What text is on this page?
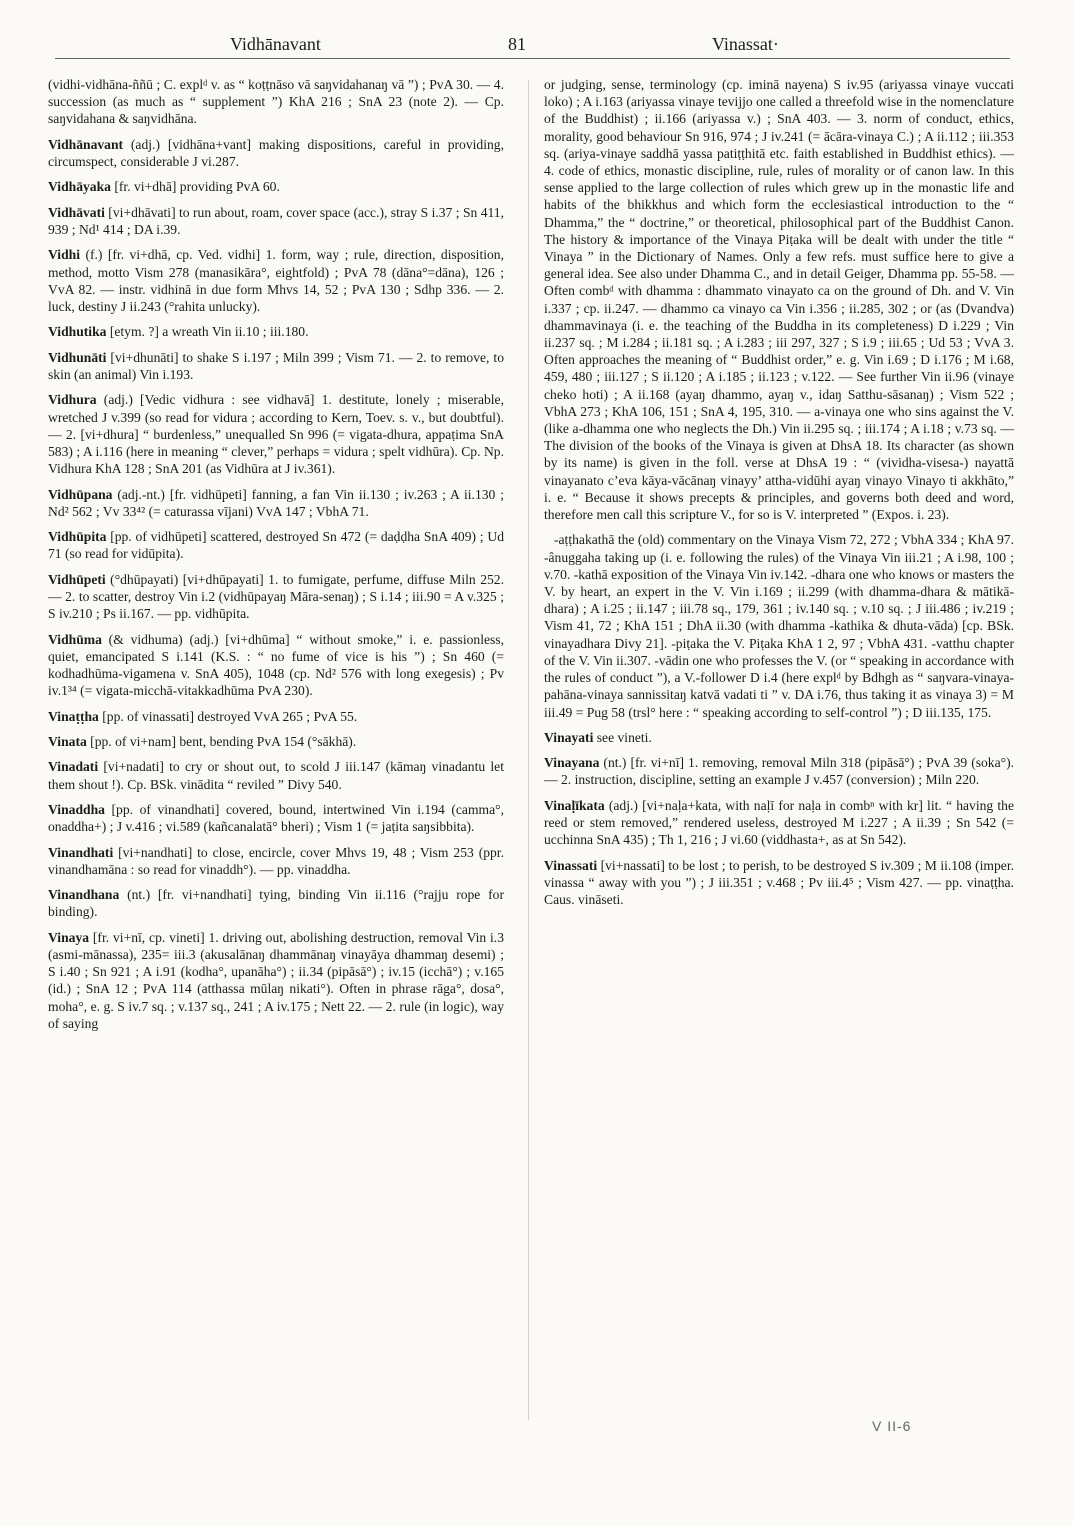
Vidhānavant	81	Vinassat·

(vidhi-vidhāna-ññū ; C. explᵈ v. as “ koṭṭnāso vā saŋvidahanaŋ vā ”) ; PvA 30. — 4. succession (as much as “ supplement ”) KhA 216 ; SnA 23 (note 2). — Cp. saŋvidahana & saŋvidhāna.

Vidhānavant (adj.) [vidhāna+vant] making dispositions, careful in providing, circumspect, considerable J vi.287.

Vidhāyaka [fr. vi+dhā] providing PvA 60.

Vidhāvati [vi+dhāvati] to run about, roam, cover space (acc.), stray S i.37 ; Sn 411, 939 ; Nd¹ 414 ; DA i.39.

Vidhi (f.) [fr. vi+dhā, cp. Ved. vidhi] 1. form, way ; rule, direction, disposition, method, motto Vism 278 (manasikāra°, eightfold) ; PvA 78 (dāna°=dāna), 126 ; VvA 82. — instr. vidhinā in due form Mhvs 14, 52 ; PvA 130 ; Sdhp 336. — 2. luck, destiny J ii.243 (°rahita unlucky).

Vidhutika [etym. ?] a wreath Vin ii.10 ; iii.180.

Vidhunāti [vi+dhunāti] to shake S i.197 ; Miln 399 ; Vism 71. — 2. to remove, to skin (an animal) Vin i.193.

Vidhura (adj.) [Vedic vidhura : see vidhavā] 1. destitute, lonely ; miserable, wretched J v.399 (so read for vidura ; according to Kern, Toev. s. v., but doubtful). — 2. [vi+dhura] “ burdenless,” unequalled Sn 996 (= vigata-dhura, appaṭima SnA 583) ; A i.116 (here in meaning “ clever,” perhaps = vidura ; spelt vidhūra). Cp. Np. Vidhura KhA 128 ; SnA 201 (as Vidhūra at J iv.361).

Vidhūpana (adj.-nt.) [fr. vidhūpeti] fanning, a fan Vin ii.130 ; iv.263 ; A ii.130 ; Nd² 562 ; Vv 33⁴² (= caturassa vījani) VvA 147 ; VbhA 71.

Vidhūpita [pp. of vidhūpeti] scattered, destroyed Sn 472 (= daḍḍha SnA 409) ; Ud 71 (so read for vidūpita).

Vidhūpeti (°dhūpayati) [vi+dhūpayati] 1. to fumigate, perfume, diffuse Miln 252. — 2. to scatter, destroy Vin i.2 (vidhūpayaŋ Māra-senaŋ) ; S i.14 ; iii.90 = A v.325 ; S iv.210 ; Ps ii.167. — pp. vidhūpita.

Vidhūma (& vidhuma) (adj.) [vi+dhūma] “ without smoke,” i. e. passionless, quiet, emancipated S i.141 (K.S. : “ no fume of vice is his ”) ; Sn 460 (= kodhadhūma-vigamena v. SnA 405), 1048 (cp. Nd² 576 with long exegesis) ; Pv iv.1³⁴ (= vigata-micchā-vitakkadhūma PvA 230).

Vinaṭṭha [pp. of vinassati] destroyed VvA 265 ; PvA 55.

Vinata [pp. of vi+nam] bent, bending PvA 154 (°sākhā).

Vinadati [vi+nadati] to cry or shout out, to scold J iii.147 (kāmaŋ vinadantu let them shout !). Cp. BSk. vinādita “ reviled ” Divy 540.

Vinaddha [pp. of vinandhati] covered, bound, intertwined Vin i.194 (camma°, onaddha+) ; J v.416 ; vi.589 (kañcanalatā° bheri) ; Vism 1 (= jaṭita saŋsibbita).

Vinandhati [vi+nandhati] to close, encircle, cover Mhvs 19, 48 ; Vism 253 (ppr. vinandhamāna : so read for vinaddh°). — pp. vinaddha.

Vinandhana (nt.) [fr. vi+nandhati] tying, binding Vin ii.116 (°rajju rope for binding).

Vinaya [fr. vi+nī, cp. vineti] 1. driving out, abolishing destruction, removal Vin i.3 (asmi-mānassa), 235= iii.3 (akusalānaŋ dhammānaŋ vinayāya dhammaŋ desemi) ; S i.40 ; Sn 921 ; A i.91 (kodha°, upanāha°) ; ii.34 (pipāsā°) ; iv.15 (icchā°) ; v.165 (id.) ; SnA 12 ; PvA 114 (atthassa mūlaŋ nikati°). Often in phrase rāga°, dosa°, moha°, e. g. S iv.7 sq. ; v.137 sq., 241 ; A iv.175 ; Nett 22. — 2. rule (in logic), way of saying

or judging, sense, terminology (cp. iminā nayena) S iv.95 (ariyassa vinaye vuccati loko) ; A i.163 (ariyassa vinaye tevijjo one called a threefold wise in the nomenclature of the Buddhist) ; ii.166 (ariyassa v.) ; SnA 403. — 3. norm of conduct, ethics, morality, good behaviour Sn 916, 974 ; J iv.241 (= ācāra-vinaya C.) ; A ii.112 ; iii.353 sq. (ariya-vinaye saddhā yassa patiṭṭhitā etc. faith established in Buddhist ethics). — 4. code of ethics, monastic discipline, rule, rules of morality or of canon law. In this sense applied to the large collection of rules which grew up in the monastic life and habits of the bhikkhus and which form the ecclesiastical introduction to the “ Dhamma,” the “ doctrine,” or theoretical, philosophical part of the Buddhist Canon. The history & importance of the Vinaya Piṭaka will be dealt with under the title “ Vinaya ” in the Dictionary of Names. Only a few refs. must suffice here to give a general idea. See also under Dhamma C., and in detail Geiger, Dhamma pp. 55-58. — Often combᵈ with dhamma : dhammato vinayato ca on the ground of Dh. and V. Vin i.337 ; cp. ii.247. — dhammo ca vinayo ca Vin i.356 ; ii.285, 302 ; or (as (Dvandva) dhammavinaya (i. e. the teaching of the Buddha in its completeness) D i.229 ; Vin ii.237 sq. ; M i.284 ; ii.181 sq. ; A i.283 ; iii 297, 327 ; S i.9 ; iii.65 ; Ud 53 ; VvA 3. Often approaches the meaning of “ Buddhist order,” e. g. Vin i.69 ; D i.176 ; M i.68, 459, 480 ; iii.127 ; S ii.120 ; A i.185 ; ii.123 ; v.122. — See further Vin ii.96 (vinaye cheko hoti) ; A ii.168 (ayaŋ dhammo, ayaŋ v., idaŋ Satthu-sāsanaŋ) ; Vism 522 ; VbhA 273 ; KhA 106, 151 ; SnA 4, 195, 310. — a-vinaya one who sins against the V. (like a-dhamma one who neglects the Dh.) Vin ii.295 sq. ; iii.174 ; A i.18 ; v.73 sq. — The division of the books of the Vinaya is given at DhsA 18. Its character (as shown by its name) is given in the foll. verse at DhsA 19 : “ (vividha-visesa-) nayattā vinayanato c’eva kāya-vācānaŋ vinayy’ attha-vidūhi ayaŋ vinayo Vinayo ti akkhāto,” i. e. “ Because it shows precepts & principles, and governs both deed and word, therefore men call this scripture V., for so is V. interpreted ” (Expos. i. 23).

-aṭṭhakathā the (old) commentary on the Vinaya Vism 72, 272 ; VbhA 334 ; KhA 97. -ânuggaha taking up (i. e. following the rules) of the Vinaya Vin iii.21 ; A i.98, 100 ; v.70. -kathā exposition of the Vinaya Vin iv.142. -dhara one who knows or masters the V. by heart, an expert in the V. Vin i.169 ; ii.299 (with dhamma-dhara & mātikā-dhara) ; A i.25 ; ii.147 ; iii.78 sq., 179, 361 ; iv.140 sq. ; v.10 sq. ; J iii.486 ; iv.219 ; Vism 41, 72 ; KhA 151 ; DhA ii.30 (with dhamma -kathika & dhuta-vāda) [cp. BSk. vinayadhara Divy 21]. -piṭaka the V. Piṭaka KhA 1 2, 97 ; VbhA 431. -vatthu chapter of the V. Vin ii.307. -vādin one who professes the V. (or “ speaking in accordance with the rules of conduct ”), a V.-follower D i.4 (here explᵈ by Bdhgh as “ saŋvara-vinaya-pahāna-vinaya sannissitaŋ katvā vadati ti ” v. DA i.76, thus taking it as vinaya 3) = M iii.49 = Pug 58 (trsl° here : “ speaking according to self-control ”) ; D iii.135, 175.

Vinayati see vineti.

Vinayana (nt.) [fr. vi+nī] 1. removing, removal Miln 318 (pipāsā°) ; PvA 39 (soka°). — 2. instruction, discipline, setting an example J v.457 (conversion) ; Miln 220.

Vinaḷīkata (adj.) [vi+naḷa+kata, with naḷī for naḷa in combⁿ with kr] lit. “ having the reed or stem removed,” rendered useless, destroyed M i.227 ; A ii.39 ; Sn 542 (= ucchinna SnA 435) ; Th 1, 216 ; J vi.60 (viddhasta+, as at Sn 542).

Vinassati [vi+nassati] to be lost ; to perish, to be destroyed S iv.309 ; M ii.108 (imper. vinassa “ away with you ”) ; J iii.351 ; v.468 ; Pv iii.4⁵ ; Vism 427. — pp. vinaṭṭha. Caus. vināseti.

V II-6
